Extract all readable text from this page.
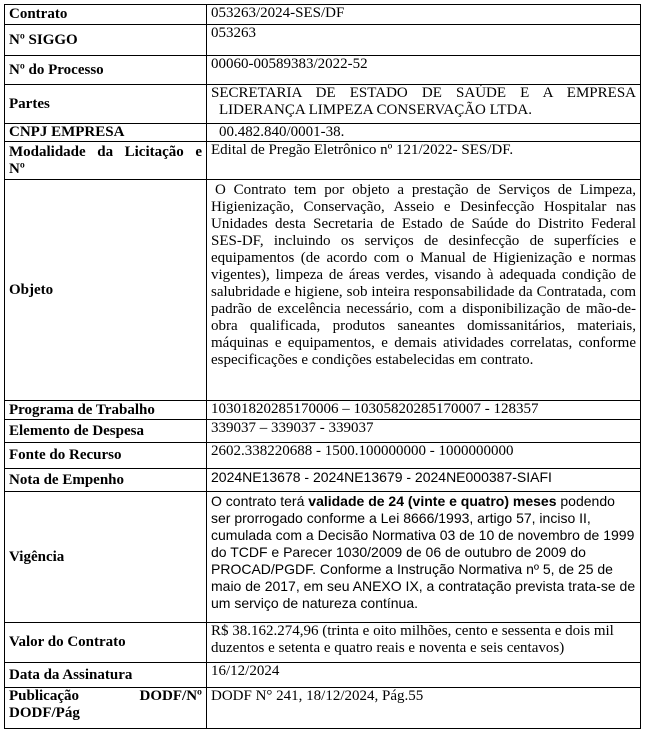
Contrato	053263/2024-SES/DF
Nº SIGGO	053263
Nº do Processo	00060-00589383/2022-52
Partes	SECRETARIA DE ESTADO DE SAÚDE E A EMPRESA
LIDERANÇA LIMPEZA CONSERVAÇÃO LTDA.

CNPJ EMPRESA	00.482.840/0001-38.

Modalidade da Licitação e
Nº	Edital de Pregão Eletrônico nº 121/2022- SES/DF.
Objeto	O Contrato tem por objeto a prestação de Serviços de Limpeza, Higienização, Conservação, Asseio e Desinfecção Hospitalar nas Unidades desta Secretaria de Estado de Saúde do Distrito Federal SES-DF, incluindo os serviços de desinfecção de superfícies e equipamentos (de acordo com o Manual de Higienização e normas vigentes), limpeza de áreas verdes, visando à adequada condição de salubridade e higiene, sob inteira responsabilidade da Contratada, com padrão de excelência necessário, com a disponibilização de mão-de-obra qualificada, produtos saneantes domissanitários, materiais, máquinas e equipamentos, e demais atividades correlatas, conforme especificações e condições estabelecidas em contrato.
Programa de Trabalho	10301820285170006 – 10305820285170007 - 128357
Elemento de Despesa	339037 – 339037 - 339037
Fonte do Recurso	2602.338220688 - 1500.100000000 - 1000000000
Nota de Empenho	2024NE13678 - 2024NE13679 - 2024NE000387-SIAFI
Vigência	O contrato terá validade de 24 (vinte e quatro) meses podendo ser prorrogado conforme a Lei 8666/1993, artigo 57, inciso II, cumulada com a Decisão Normativa 03 de 10 de novembro de 1999 do TCDF e Parecer 1030/2009 de 06 de outubro de 2009 do PROCAD/PGDF. Conforme a Instrução Normativa nº 5, de 25 de maio de 2017, em seu ANEXO IX, a contratação prevista trata-se de um serviço de natureza contínua.
Valor do Contrato	R$ 38.162.274,96 (trinta e oito milhões, cento e sessenta e dois mil duzentos e setenta e quatro reais e noventa e seis centavos)
Data da Assinatura	16/12/2024

Publicação DODF/Nº
DODF/Pág	DODF N° 241, 18/12/2024, Pág.55
